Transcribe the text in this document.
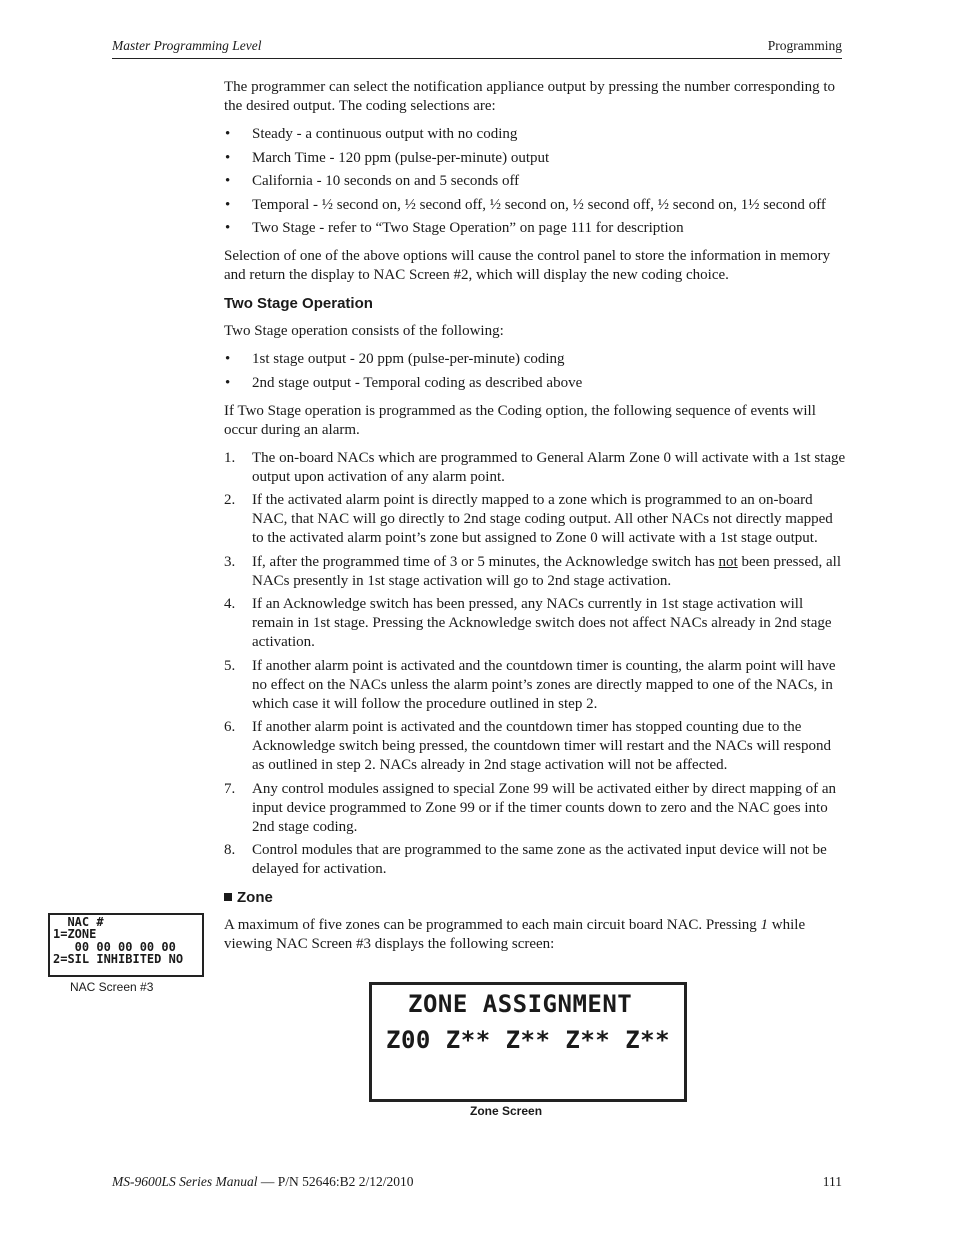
Master Programming Level	Programming

The programmer can select the notification appliance output by pressing the number corresponding to the desired output. The coding selections are:

• Steady - a continuous output with no coding
• March Time - 120 ppm (pulse-per-minute) output
• California - 10 seconds on and 5 seconds off
• Temporal - ½ second on, ½ second off, ½ second on, ½ second off, ½ second on, 1½ second off
• Two Stage - refer to “Two Stage Operation” on page 111 for description

Selection of one of the above options will cause the control panel to store the information in memory and return the display to NAC Screen #2, which will display the new coding choice.

Two Stage Operation

Two Stage operation consists of the following:

• 1st stage output - 20 ppm (pulse-per-minute) coding
• 2nd stage output - Temporal coding as described above

If Two Stage operation is programmed as the Coding option, the following sequence of events will occur during an alarm.

1. The on-board NACs which are programmed to General Alarm Zone 0 will activate with a 1st stage output upon activation of any alarm point.
2. If the activated alarm point is directly mapped to a zone which is programmed to an on-board NAC, that NAC will go directly to 2nd stage coding output. All other NACs not directly mapped to the activated alarm point’s zone but assigned to Zone 0 will activate with a 1st stage output.
3. If, after the programmed time of 3 or 5 minutes, the Acknowledge switch has not been pressed, all NACs presently in 1st stage activation will go to 2nd stage activation.
4. If an Acknowledge switch has been pressed, any NACs currently in 1st stage activation will remain in 1st stage. Pressing the Acknowledge switch does not affect NACs already in 2nd stage activation.
5. If another alarm point is activated and the countdown timer is counting, the alarm point will have no effect on the NACs unless the alarm point’s zones are directly mapped to one of the NACs, in which case it will follow the procedure outlined in step 2.
6. If another alarm point is activated and the countdown timer has stopped counting due to the Acknowledge switch being pressed, the countdown timer will restart and the NACs will respond as outlined in step 2. NACs already in 2nd stage activation will not be affected.
7. Any control modules assigned to special Zone 99 will be activated either by direct mapping of an input device programmed to Zone 99 or if the timer counts down to zero and the NAC goes into 2nd stage coding.
8. Control modules that are programmed to the same zone as the activated input device will not be delayed for activation.
Zone

A maximum of five zones can be programmed to each main circuit board NAC. Pressing 1 while viewing NAC Screen #3 displays the following screen:

NAC #
1=ZONE
00 00 00 00 00
2=SIL INHIBITED NO
NAC Screen #3
ZONE ASSIGNMENT
Z00 Z** Z** Z** Z**
Zone Screen
MS-9600LS Series Manual — P/N 52646:B2 2/12/2010	111
